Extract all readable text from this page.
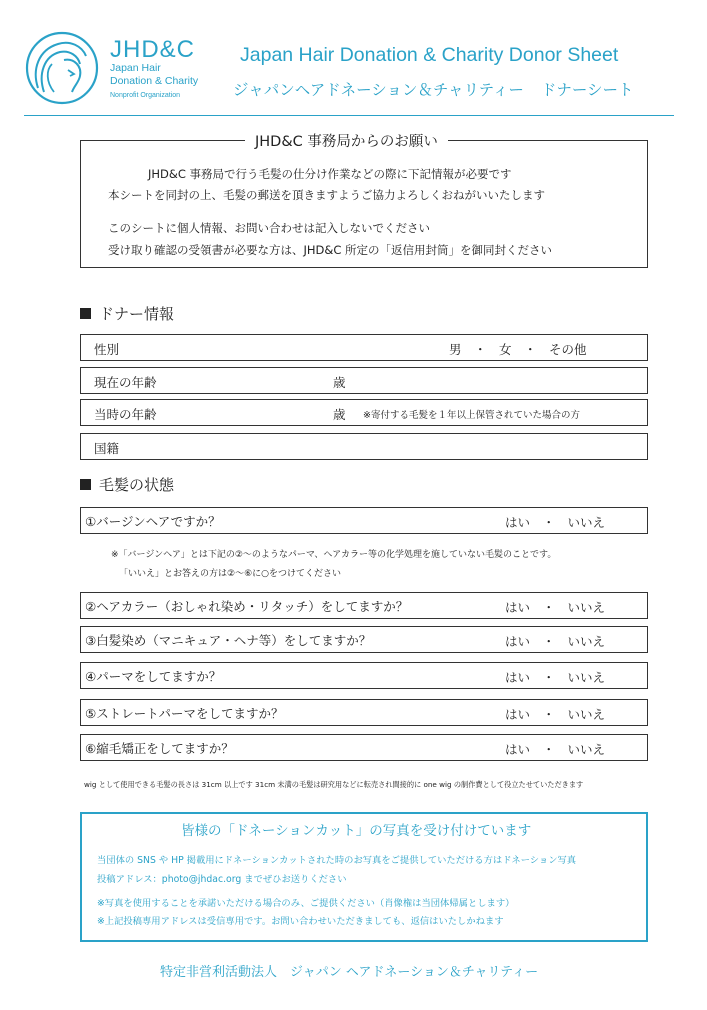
JHD&C
Japan Hair
Donation & Charity
Nonprofit Organization
Japan Hair Donation & Charity Donor Sheet
ジャパンヘアドネーション＆チャリティー ドナーシート
JHD&C 事務局からのお願い
JHD&C 事務局で行う毛髪の仕分け作業などの際に下記情報が必要です
本シートを同封の上、毛髪の郵送を頂きますようご協力よろしくおねがいいたします
このシートに個人情報、お問い合わせは記入しないでください
受け取り確認の受領書が必要な方は、JHD&C 所定の「返信用封筒」を御同封ください
ドナー情報
性別	男　・　女　・　その他
現在の年齢	歳
当時の年齢	歳 ※寄付する毛髪を１年以上保管されていた場合の方
国籍
毛髪の状態
①バージンヘアですか？	はい　・　いいえ
※「バージンヘア」とは下記の②〜のようなパーマ、ヘアカラー等の化学処理を施していない毛髪のことです。
「いいえ」とお答えの方は②〜⑥に○をつけてください
②ヘアカラー（おしゃれ染め・リタッチ）をしてますか？	はい　・　いいえ
③白髪染め（マニキュア・ヘナ等）をしてますか？	はい　・　いいえ
④パーマをしてますか？	はい　・　いいえ
⑤ストレートパーマをしてますか？	はい　・　いいえ
⑥縮毛矯正をしてますか？	はい　・　いいえ
wig として使用できる毛髪の長さは 31cm 以上です 31cm 未満の毛髪は研究用などに転売され間接的に one wig の制作費として役立たせていただきます
皆様の「ドネーションカット」の写真を受け付けています
当団体の SNS や HP 掲載用にドネーションカットされた時のお写真をご提供していただける方はドネーション写真
投稿アドレス：photo@jhdac.org までぜひお送りください
※写真を使用することを承諾いただける場合のみ、ご提供ください（肖像権は当団体帰属とします）
※上記投稿専用アドレスは受信専用です。お問い合わせいただきましても、返信はいたしかねます
特定非営利活動法人　ジャパン ヘアドネーション＆チャリティー
